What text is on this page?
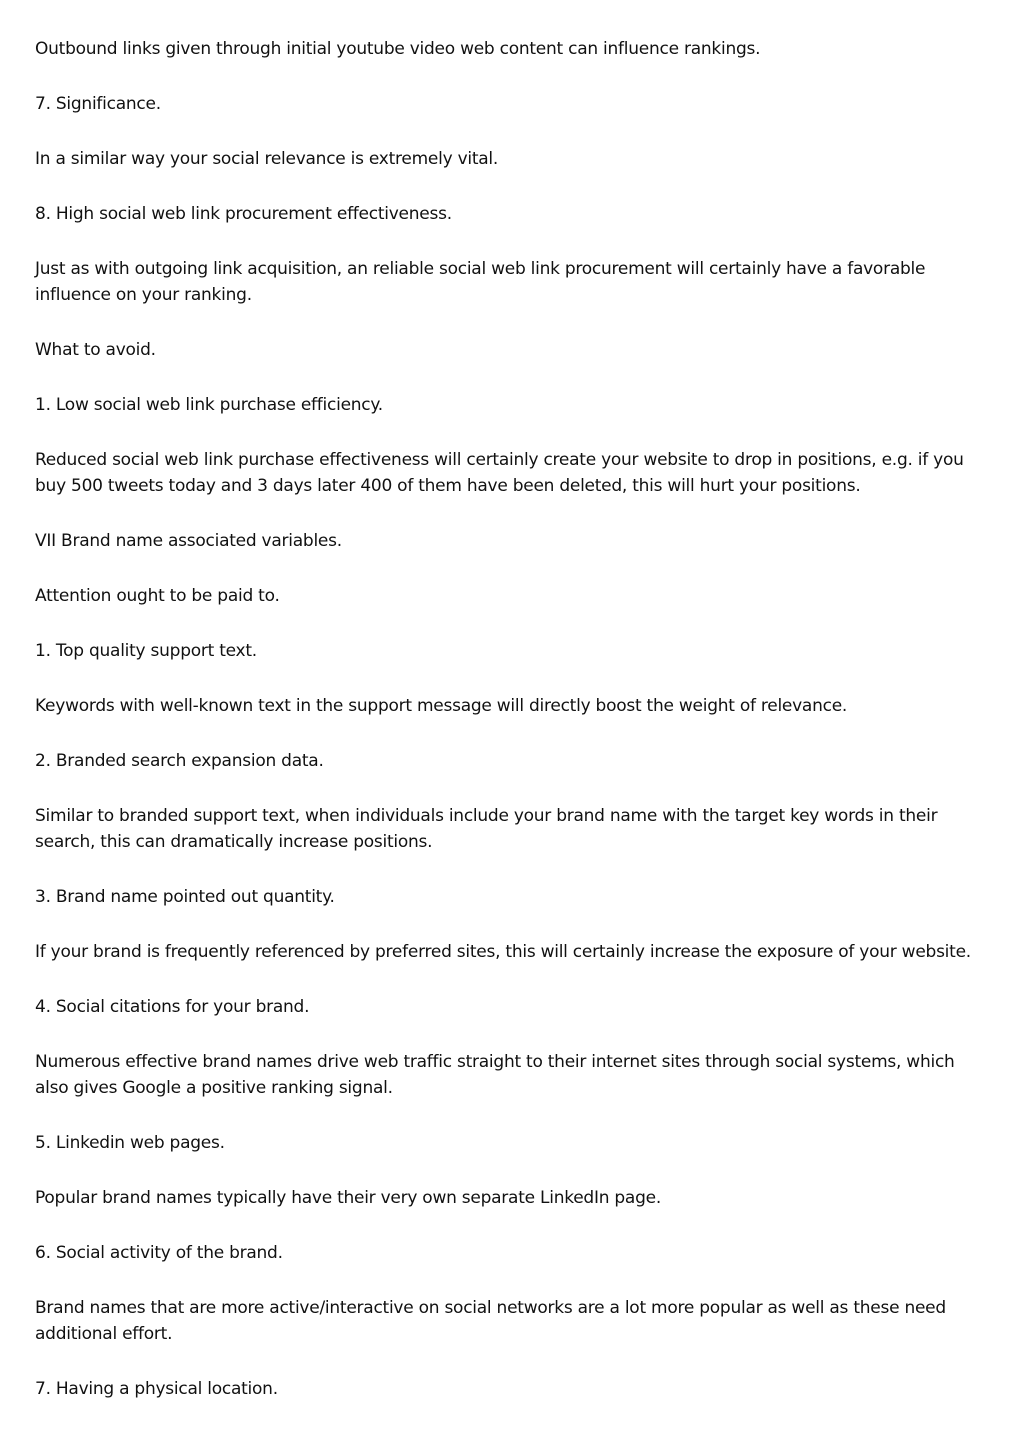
Outbound links given through initial youtube video web content can influence rankings.

7. Significance.

In a similar way your social relevance is extremely vital.

8. High social web link procurement effectiveness.

Just as with outgoing link acquisition, an reliable social web link procurement will certainly have a favorable influence on your ranking.

What to avoid.

1. Low social web link purchase efficiency.

Reduced social web link purchase effectiveness will certainly create your website to drop in positions, e.g. if you buy 500 tweets today and 3 days later 400 of them have been deleted, this will hurt your positions.

VII Brand name associated variables.

Attention ought to be paid to.

1. Top quality support text.

Keywords with well-known text in the support message will directly boost the weight of relevance.

2. Branded search expansion data.

Similar to branded support text, when individuals include your brand name with the target key words in their search, this can dramatically increase positions.

3. Brand name pointed out quantity.

If your brand is frequently referenced by preferred sites, this will certainly increase the exposure of your website.

4. Social citations for your brand.

Numerous effective brand names drive web traffic straight to their internet sites through social systems, which also gives Google a positive ranking signal.

5. Linkedin web pages.

Popular brand names typically have their very own separate LinkedIn page.

6. Social activity of the brand.

Brand names that are more active/interactive on social networks are a lot more popular as well as these need additional effort.

7. Having a physical location.
